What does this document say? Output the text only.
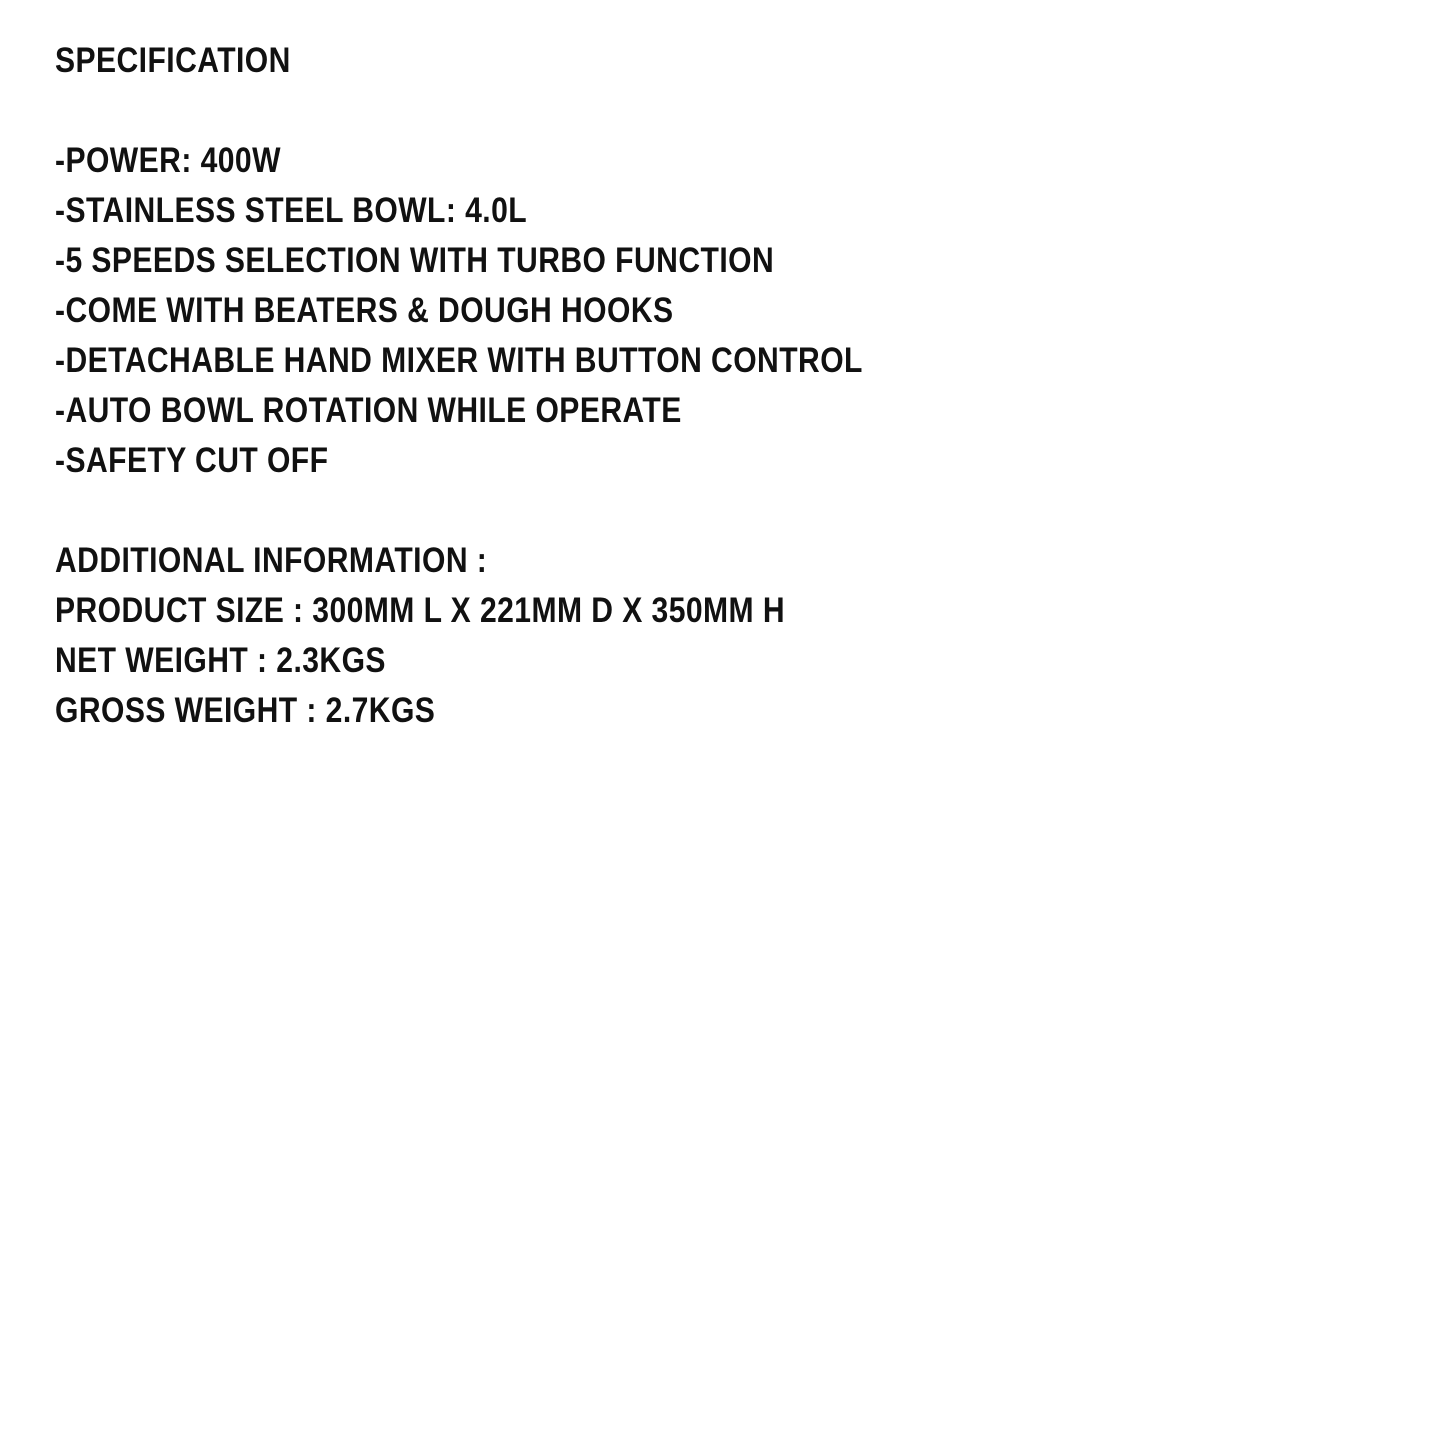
SPECIFICATION
-POWER: 400W
-STAINLESS STEEL BOWL: 4.0L
-5 SPEEDS SELECTION WITH TURBO FUNCTION
-COME WITH BEATERS & DOUGH HOOKS
-DETACHABLE HAND MIXER WITH BUTTON CONTROL
-AUTO BOWL ROTATION WHILE OPERATE
-SAFETY CUT OFF
ADDITIONAL INFORMATION :
PRODUCT SIZE : 300MM L X 221MM D X 350MM H
NET WEIGHT : 2.3KGS
GROSS WEIGHT : 2.7KGS
